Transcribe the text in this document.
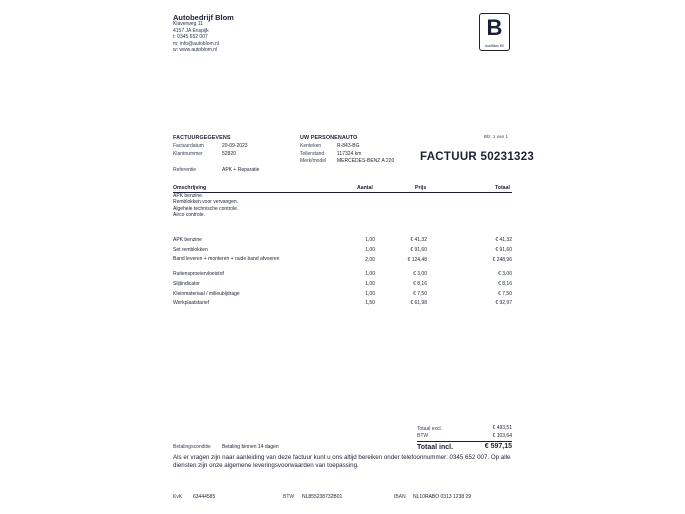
Autobedrijf Blom
Klaverweg 11
4157 JA Enspijk
t: 0345 652 007
m: info@autoblom.nl
w: www.autoblom.nl
B
AutoBlom BV
FACTUURGEGEVENS
Factuurdatum	20-09-2023
Klantnummer	52820
Referentie	APK + Reparatie
UW PERSONENAUTO
Kenteken	R-843-BG
Tellerstand	117324 km
Merk/model MERCEDES-BENZ A 220
Blz. 1 van 1
FACTUUR 50231323
Omschrijving	Aantal	Prijs	Totaal
APK benzine.
Remblokken voor vervangen.
Algehele technische controle.
Airco controle.
APK benzine	1,00	€ 41,32	€ 41,32
Set remblokken	1,00	€ 91,60	€ 91,60
Band leveren + monteren + oude band afvoeren	2,00	€ 124,48	€ 248,96
Ruitensproeiervloeistof	1,00	€ 3,00	€ 3,00
Slijtindicator	1,00	€ 8,16	€ 8,16
Kleinmateriaal / milieubijdrage	1,00	€ 7,50	€ 7,50
Werkplaatstarief	1,50	€ 61,98	€ 92,97
Totaal excl.	€ 493,51
BTW	€ 103,64
Totaal incl.	€ 597,15
Betalingsconditie Betaling binnen 14 dagen
Als er vragen zijn naar aanleiding van deze factuur kunt u ons altijd bereiken onder telefoonnummer: 0345 652 007. Op alle diensten zijn onze algemene leveringsvoorwaarden van toepassing.
KvK 63444585	BTW NL855238732B01	IBAN NL10RABO 0313 1238 29
